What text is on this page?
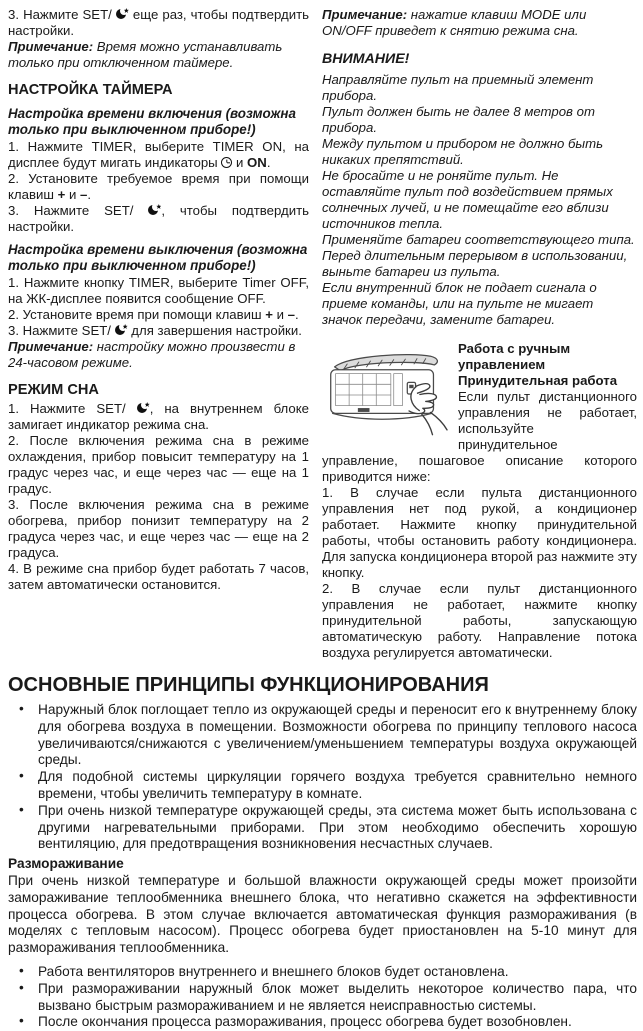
3. Нажмите SET/  еще раз, чтобы подтвердить настройки.
Примечание: Время можно устанавливать только при отключенном таймере.
НАСТРОЙКА ТАЙМЕРА
Настройка времени включения (возможна только при выключенном приборе!)
1. Нажмите TIMER, выберите TIMER ON, на дисплее будут мигать индикаторы  и ON.
2. Установите требуемое время при помощи клавиш + и –.
3. Нажмите SET/ , чтобы подтвердить настройки.
Настройка времени выключения (возможна только при выключенном приборе!)
1. Нажмите кнопку TIMER, выберите Timer OFF, на ЖК-дисплее появится сообщение OFF.
2. Установите время при помощи клавиш + и –.
3. Нажмите SET/  для завершения настройки.
Примечание: настройку можно произвести в 24-часовом режиме.
РЕЖИМ СНА
1. Нажмите SET/ , на внутреннем блоке замигает индикатор режима сна.
2. После включения режима сна в режиме охлаждения, прибор повысит температуру на 1 градус через час, и еще через час — еще на 1 градус.
3. После включения режима сна в режиме обогрева, прибор понизит температуру на 2 градуса через час, и еще через час — еще на 2 градуса.
4. В режиме сна прибор будет работать 7 часов, затем автоматически остановится.
Примечание: нажатие клавиш MODE или ON/OFF приведет к снятию режима сна.
ВНИМАНИЕ!
Направляйте пульт на приемный элемент прибора.
Пульт должен быть не далее 8 метров от прибора.
Между пультом и прибором не должно быть никаких препятствий.
Не бросайте и не роняйте пульт. Не оставляйте пульт под воздействием прямых солнечных лучей, и не помещайте его вблизи источников тепла.
Применяйте батареи соответствующего типа.
Перед длительным перерывом в использовании, выньте батареи из пульта.
Если внутренний блок не подает сигнала о приеме команды, или на пульте не мигает значок передачи, замените батареи.
Работа с ручным управлением
Принудительная работа
Если пульт дистанционного управления не работает, используйте принудительное управление, пошаговое описание которого приводится ниже:
1. В случае если пульта дистанционного управления нет под рукой, а кондиционер работает. Нажмите кнопку принудительной работы, чтобы остановить работу кондиционера. Для запуска кондиционера второй раз нажмите эту кнопку.
2. В случае если пульт дистанционного управления не работает, нажмите кнопку принудительной работы, запускающую автоматическую работу. Направление потока воздуха регулируется автоматически.
ОСНОВНЫЕ ПРИНЦИПЫ ФУНКЦИОНИРОВАНИЯ
• Наружный блок поглощает тепло из окружающей среды и переносит его к внутреннему блоку для обогрева воздуха в помещении. Возможности обогрева по принципу теплового насоса увеличиваются/снижаются с увеличением/уменьшением температуры воздуха окружающей среды.
• Для подобной системы циркуляции горячего воздуха требуется сравнительно немного времени, чтобы увеличить температуру в комнате.
• При очень низкой температуре окружающей среды, эта система может быть использована с другими нагревательными приборами. При этом необходимо обеспечить хорошую вентиляцию, для предотвращения возникновения несчастных случаев.
Размораживание
При очень низкой температуре и большой влажности окружающей среды может произойти замораживание теплообменника внешнего блока, что негативно скажется на эффективности процесса обогрева. В этом случае включается автоматическая функция размораживания (в моделях с тепловым насосом). Процесс обогрева будет приостановлен на 5-10 минут для размораживания теплообменника.
• Работа вентиляторов внутреннего и внешнего блоков будет остановлена.
• При размораживании наружный блок может выделить некоторое количество пара, что вызвано быстрым размораживанием и не является неисправностью системы.
• После окончания процесса размораживания, процесс обогрева будет возобновлен.
